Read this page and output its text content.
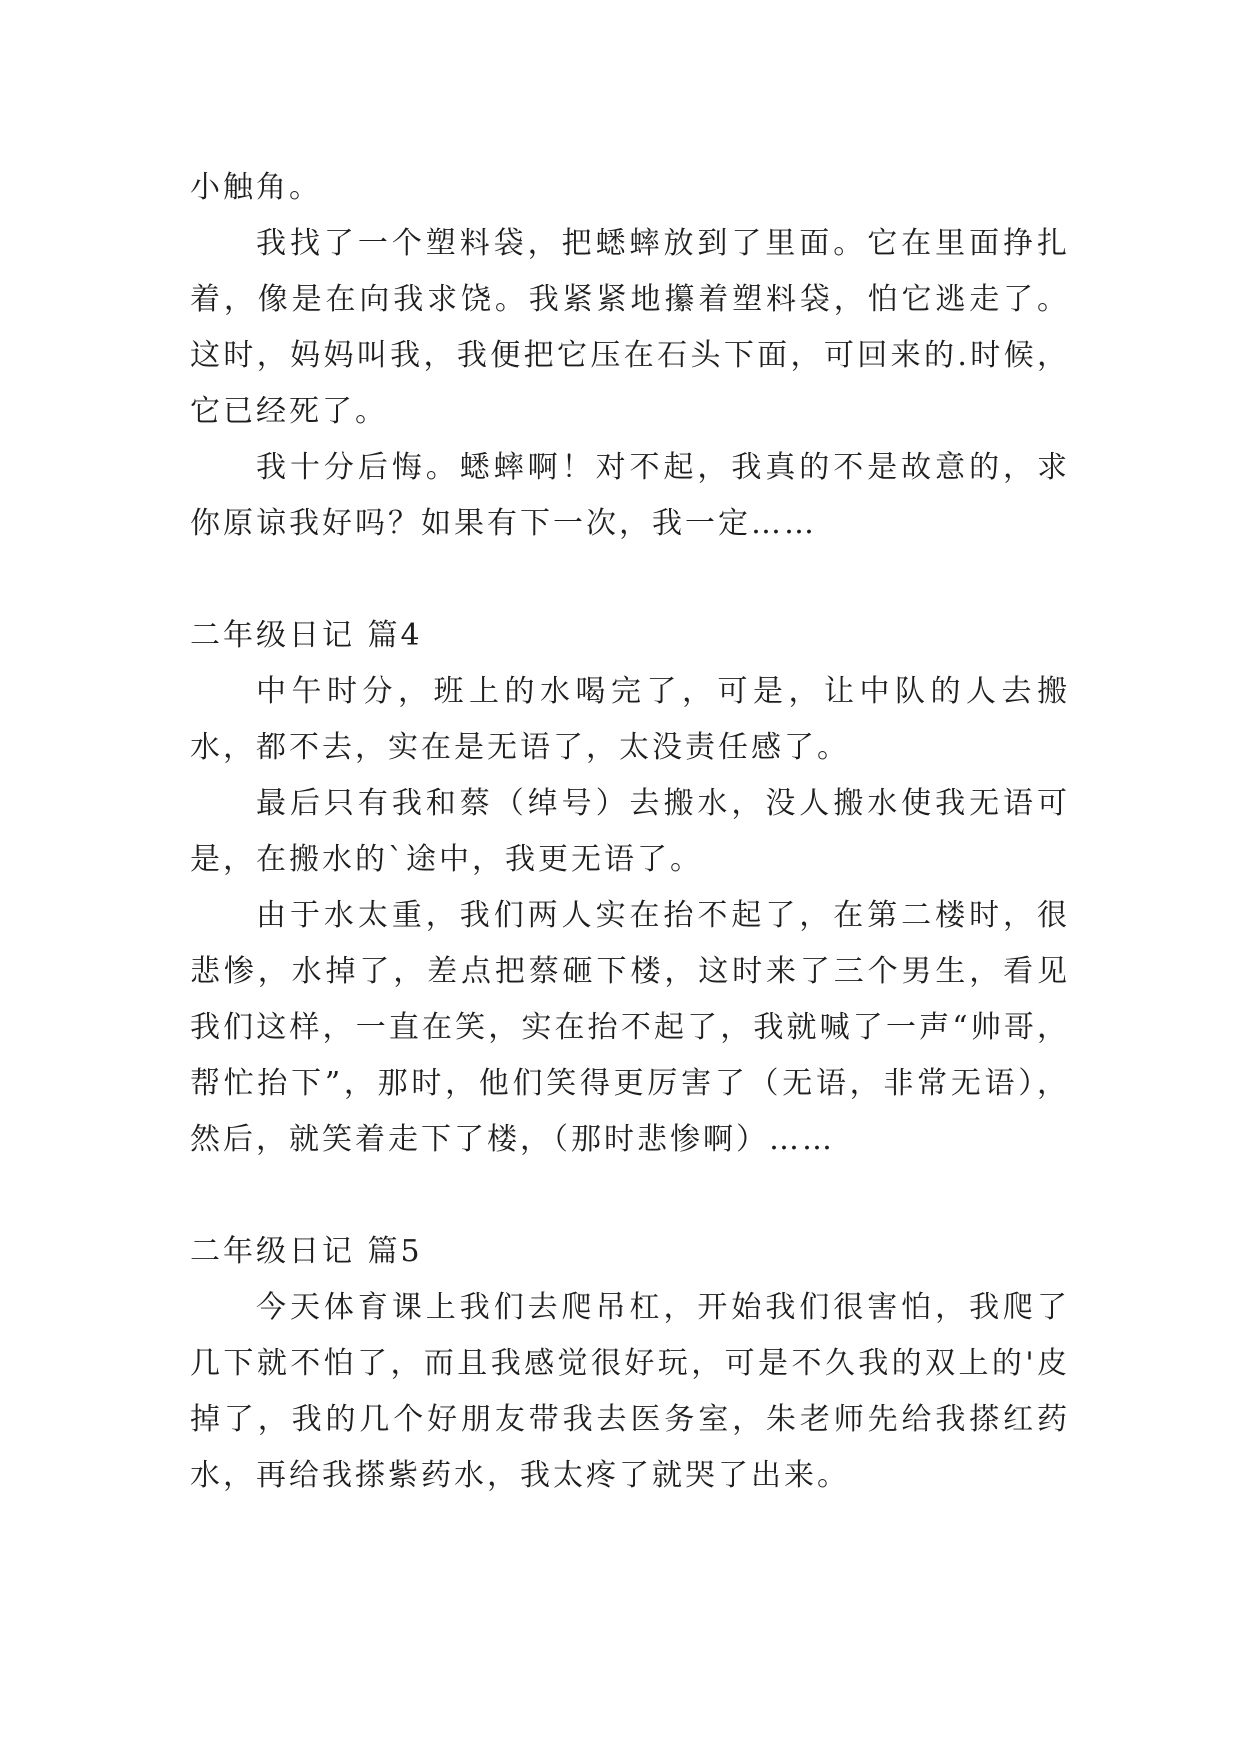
小触角。

我找了一个塑料袋，把蟋蟀放到了里面。它在里面挣扎着，像是在向我求饶。我紧紧地攥着塑料袋，怕它逃走了。这时，妈妈叫我，我便把它压在石头下面，可回来的.时候，它已经死了。

我十分后悔。蟋蟀啊！对不起，我真的不是故意的，求你原谅我好吗？如果有下一次，我一定……

二年级日记 篇4

中午时分，班上的水喝完了，可是，让中队的人去搬水，都不去，实在是无语了，太没责任感了。

最后只有我和蔡（绰号）去搬水，没人搬水使我无语可是，在搬水的`途中，我更无语了。

由于水太重，我们两人实在抬不起了，在第二楼时，很悲惨，水掉了，差点把蔡砸下楼，这时来了三个男生，看见我们这样，一直在笑，实在抬不起了，我就喊了一声“帅哥，帮忙抬下”，那时，他们笑得更厉害了（无语，非常无语），然后，就笑着走下了楼，（那时悲惨啊）……

二年级日记 篇5

今天体育课上我们去爬吊杠，开始我们很害怕，我爬了几下就不怕了，而且我感觉很好玩，可是不久我的双上的'皮掉了，我的几个好朋友带我去医务室，朱老师先给我搽红药水，再给我搽紫药水，我太疼了就哭了出来。
